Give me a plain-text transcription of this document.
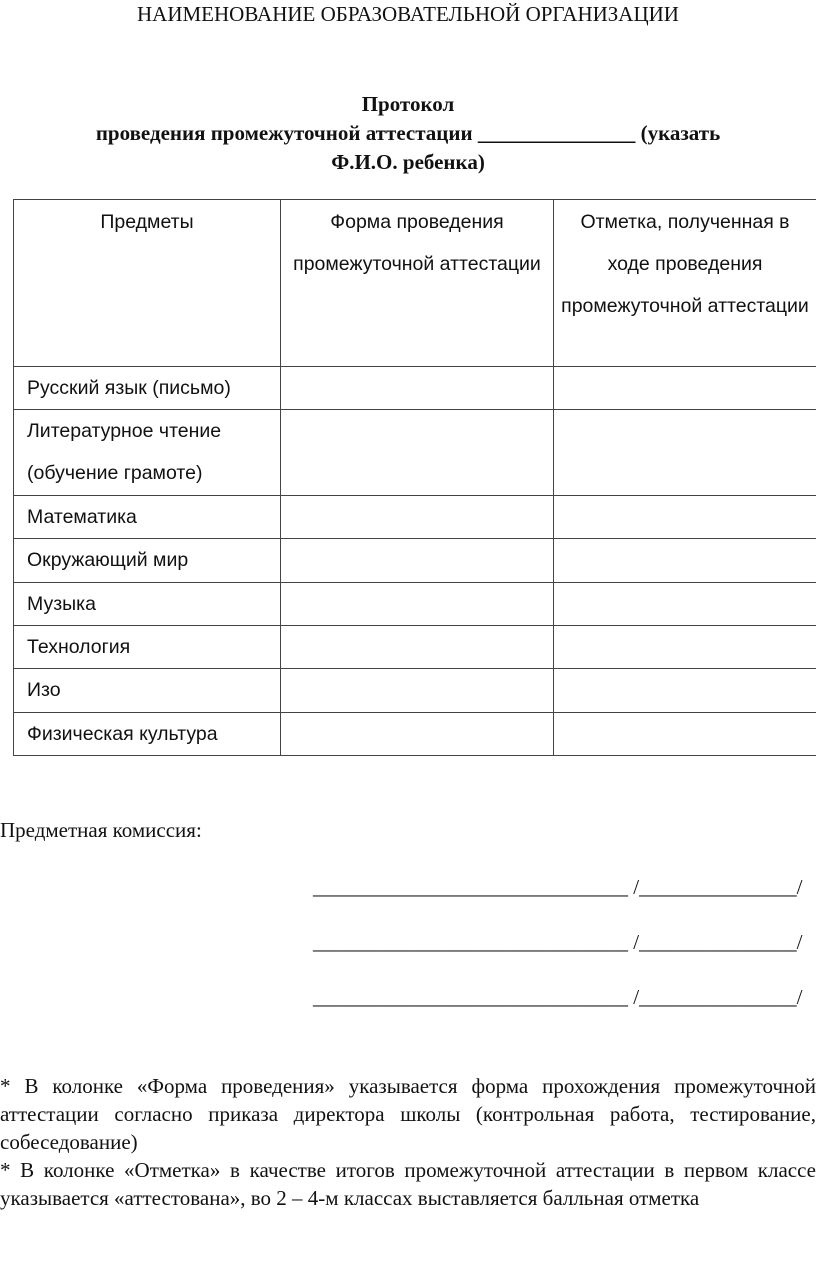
НАИМЕНОВАНИЕ ОБРАЗОВАТЕЛЬНОЙ ОРГАНИЗАЦИИ
Протокол
проведения промежуточной аттестации _______________ (указать
Ф.И.О. ребенка)
Предметы	Форма проведения промежуточной аттестации	Отметка, полученная в ходе проведения промежуточной аттестации
Русский язык (письмо)		
Литературное чтение (обучение грамоте)		
Математика		
Окружающий мир		
Музыка		
Технология		
Изо		
Физическая культура		
Предметная комиссия:
______________________________ /_______________/
______________________________ /_______________/
______________________________ /_______________/

* В колонке «Форма проведения» указывается форма прохождения промежуточной аттестации согласно приказа директора школы (контрольная работа, тестирование, собеседование)

* В колонке «Отметка» в качестве итогов промежуточной аттестации в первом классе указывается «аттестована», во 2 – 4-м классах выставляется балльная отметка
